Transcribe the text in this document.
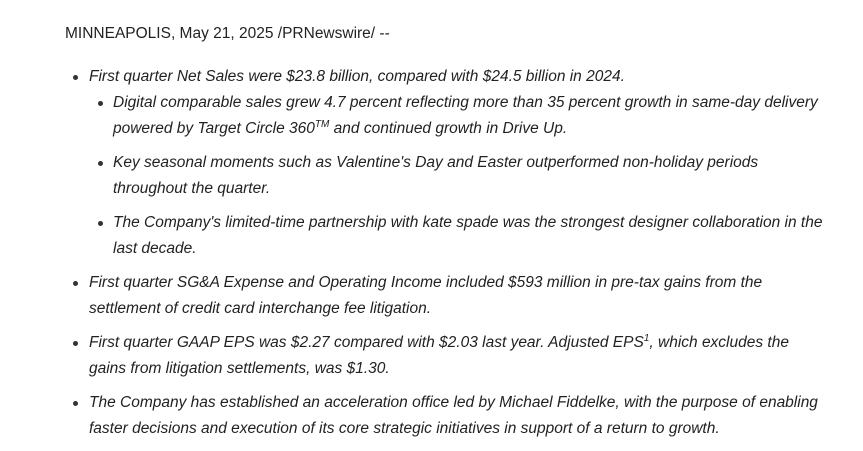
MINNEAPOLIS, May 21, 2025 /PRNewswire/ --
First quarter Net Sales were $23.8 billion, compared with $24.5 billion in 2024.
Digital comparable sales grew 4.7 percent reflecting more than 35 percent growth in same-day delivery powered by Target Circle 360™ and continued growth in Drive Up.
Key seasonal moments such as Valentine's Day and Easter outperformed non-holiday periods throughout the quarter.
The Company's limited-time partnership with kate spade was the strongest designer collaboration in the last decade.
First quarter SG&A Expense and Operating Income included $593 million in pre-tax gains from the settlement of credit card interchange fee litigation.
First quarter GAAP EPS was $2.27 compared with $2.03 last year. Adjusted EPS$^1$, which excludes the gains from litigation settlements, was $1.30.
The Company has established an acceleration office led by Michael Fiddelke, with the purpose of enabling faster decisions and execution of its core strategic initiatives in support of a return to growth.
